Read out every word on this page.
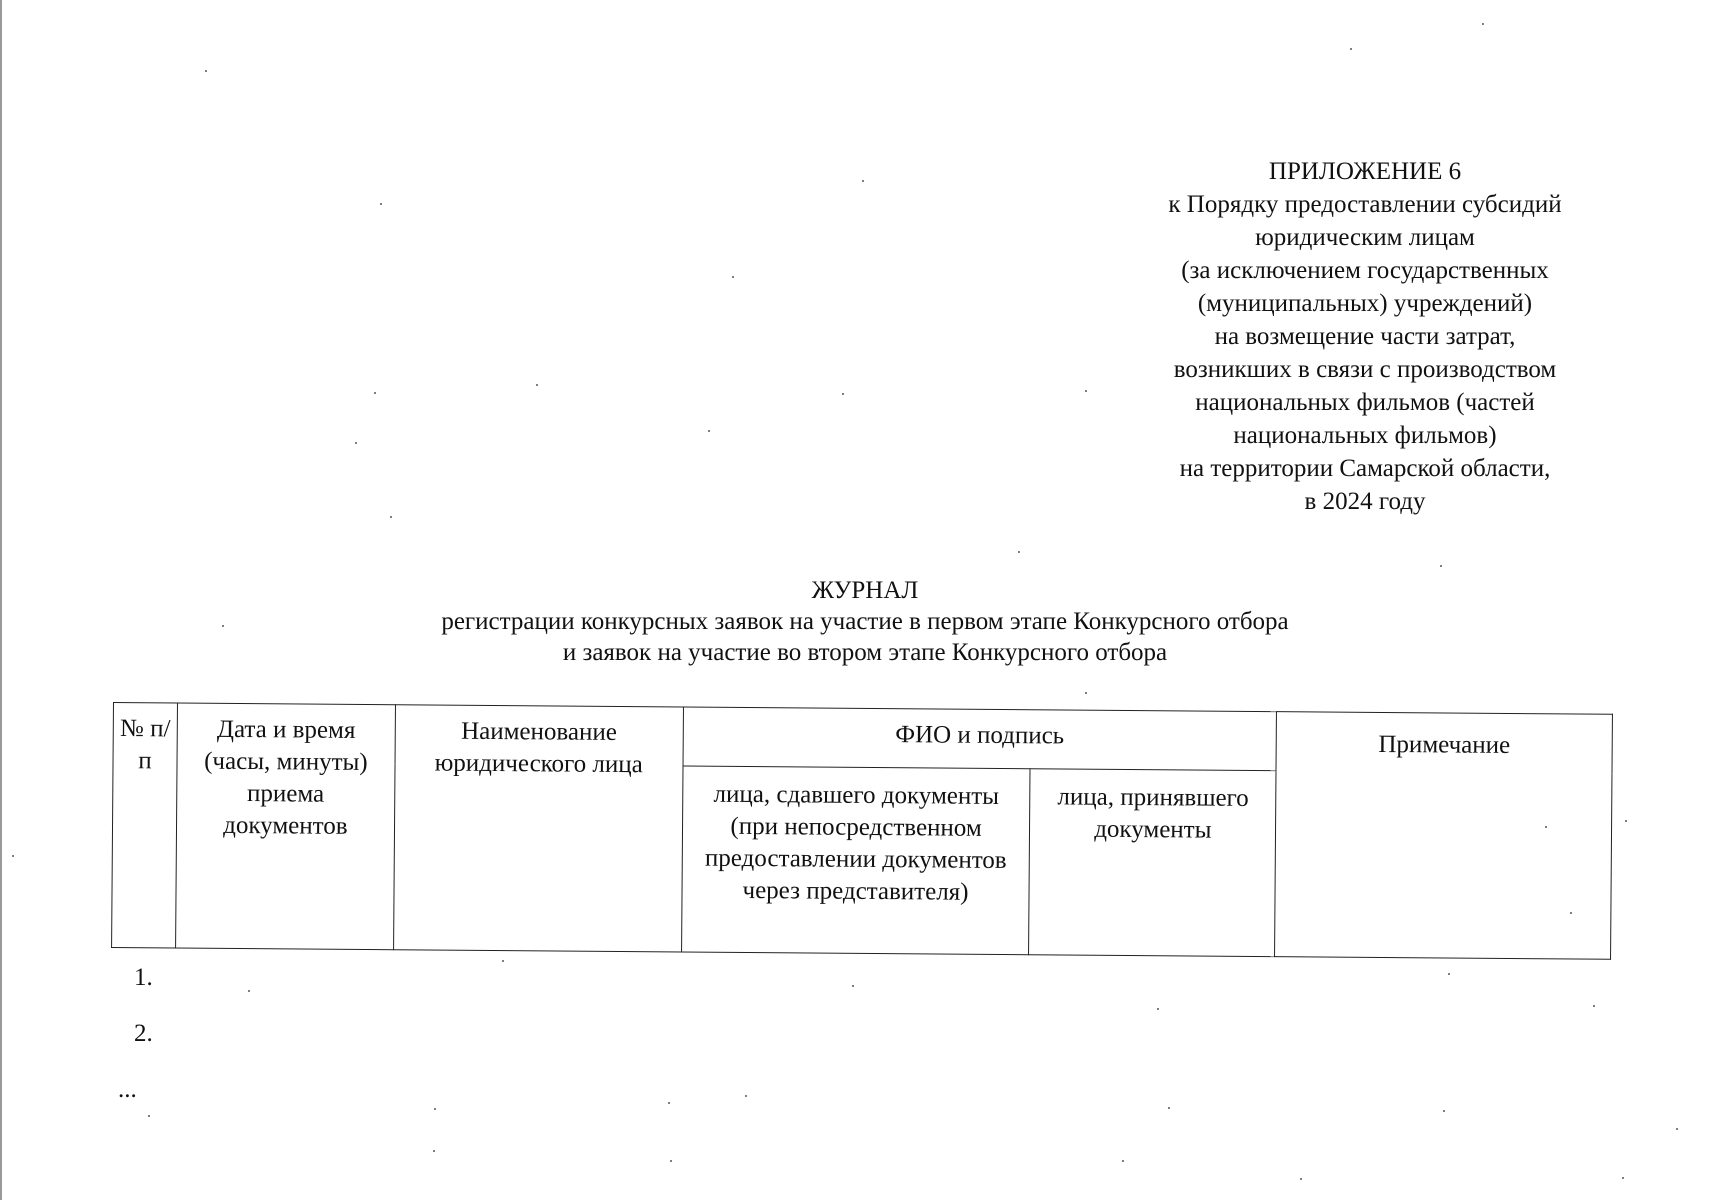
ПРИЛОЖЕНИЕ 6
к Порядку предоставлении субсидий
юридическим лицам
(за исключением государственных
(муниципальных) учреждений)
на возмещение части затрат,
возникших в связи с производством
национальных фильмов (частей
национальных фильмов)
на территории Самарской области,
в 2024 году
ЖУРНАЛ
регистрации конкурсных заявок на участие в первом этапе Конкурсного отбора
и заявок на участие во втором этапе Конкурсного отбора
№ п/п	Дата и время (часы, минуты) приема документов	Наименование юридического лица	ФИО и подпись		Примечание
			лица, сдавшего документы (при непосредственном предоставлении документов через представителя)	лица, принявшего документы	
1.
2.
...
